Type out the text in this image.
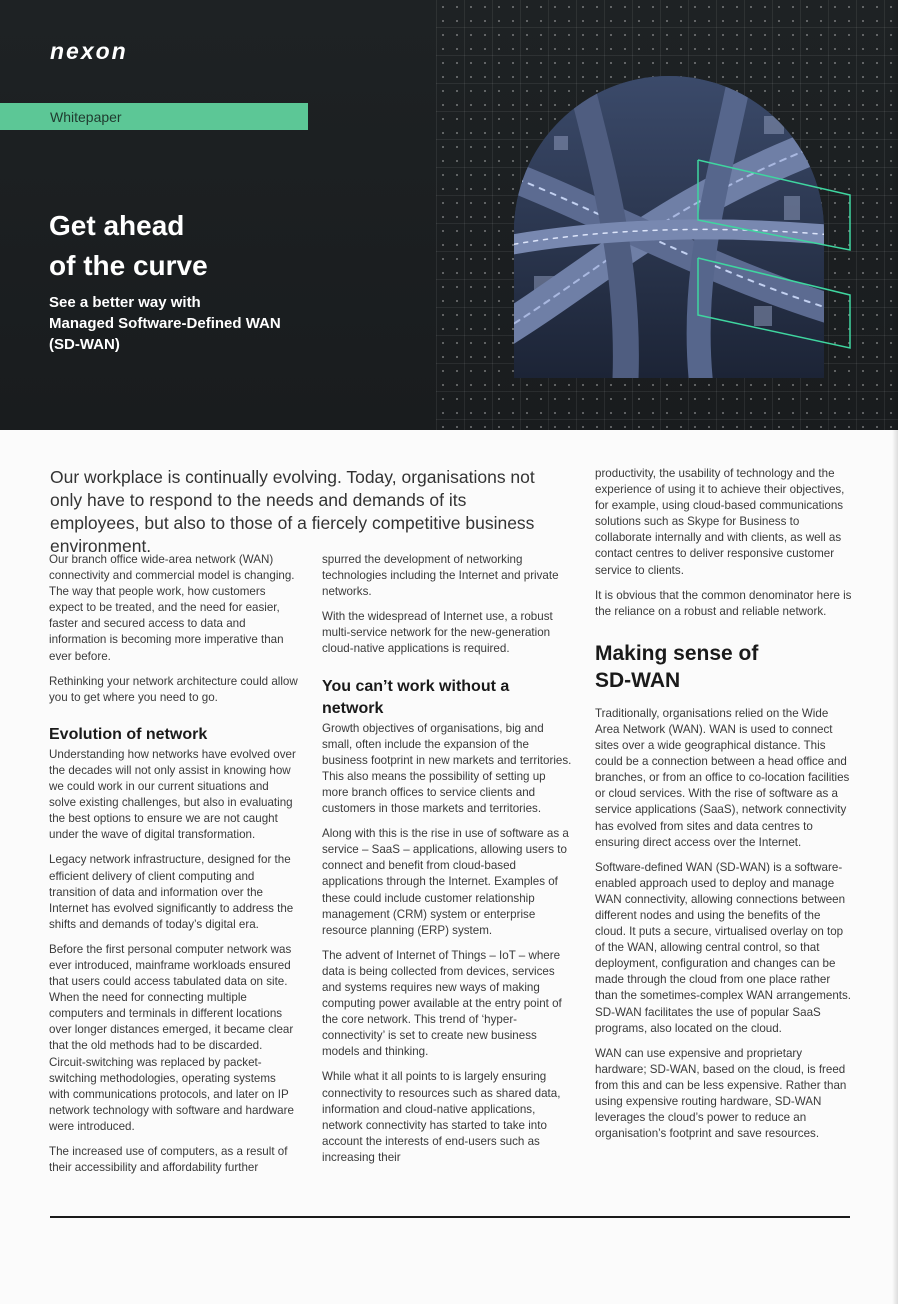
nexon
Whitepaper
Get ahead
of the curve
See a better way with
Managed Software-Defined WAN
(SD-WAN)
Our workplace is continually evolving. Today, organisations not only have to respond to the needs and demands of its employees, but also to those of a fiercely competitive business environment.

Our branch office wide-area network (WAN) connectivity and commercial model is changing. The way that people work, how customers expect to be treated, and the need for easier, faster and secured access to data and information is becoming more imperative than ever before.

Rethinking your network architecture could allow you to get where you need to go.

Evolution of network

Understanding how networks have evolved over the decades will not only assist in knowing how we could work in our current situations and solve existing challenges, but also in evaluating the best options to ensure we are not caught under the wave of digital transformation.

Legacy network infrastructure, designed for the efficient delivery of client computing and transition of data and information over the Internet has evolved significantly to address the shifts and demands of today’s digital era.

Before the first personal computer network was ever introduced, mainframe workloads ensured that users could access tabulated data on site. When the need for connecting multiple computers and terminals in different locations over longer distances emerged, it became clear that the old methods had to be discarded. Circuit-switching was replaced by packet-switching methodologies, operating systems with communications protocols, and later on IP network technology with software and hardware were introduced.

The increased use of computers, as a result of their accessibility and affordability further

spurred the development of networking technologies including the Internet and private networks.

With the widespread of Internet use, a robust multi-service network for the new-generation cloud-native applications is required.

You can’t work without a network

Growth objectives of organisations, big and small, often include the expansion of the business footprint in new markets and territories. This also means the possibility of setting up more branch offices to service clients and customers in those markets and territories.

Along with this is the rise in use of software as a service – SaaS – applications, allowing users to connect and benefit from cloud-based applications through the Internet. Examples of these could include customer relationship management (CRM) system or enterprise resource planning (ERP) system.

The advent of Internet of Things – IoT – where data is being collected from devices, services and systems requires new ways of making computing power available at the entry point of the core network. This trend of ‘hyper-connectivity’ is set to create new business models and thinking.

While what it all points to is largely ensuring connectivity to resources such as shared data, information and cloud-native applications, network connectivity has started to take into account the interests of end-users such as increasing their

productivity, the usability of technology and the experience of using it to achieve their objectives, for example, using cloud-based communications solutions such as Skype for Business to collaborate internally and with clients, as well as contact centres to deliver responsive customer service to clients.

It is obvious that the common denominator here is the reliance on a robust and reliable network.

Making sense of
SD-WAN

Traditionally, organisations relied on the Wide Area Network (WAN). WAN is used to connect sites over a wide geographical distance. This could be a connection between a head office and branches, or from an office to co-location facilities or cloud services. With the rise of software as a service applications (SaaS), network connectivity has evolved from sites and data centres to ensuring direct access over the Internet.

Software-defined WAN (SD-WAN) is a software-enabled approach used to deploy and manage WAN connectivity, allowing connections between different nodes and using the benefits of the cloud. It puts a secure, virtualised overlay on top of the WAN, allowing central control, so that deployment, configuration and changes can be made through the cloud from one place rather than the sometimes-complex WAN arrangements. SD-WAN facilitates the use of popular SaaS programs, also located on the cloud.

WAN can use expensive and proprietary hardware; SD-WAN, based on the cloud, is freed from this and can be less expensive. Rather than using expensive routing hardware, SD-WAN leverages the cloud’s power to reduce an organisation’s footprint and save resources.
